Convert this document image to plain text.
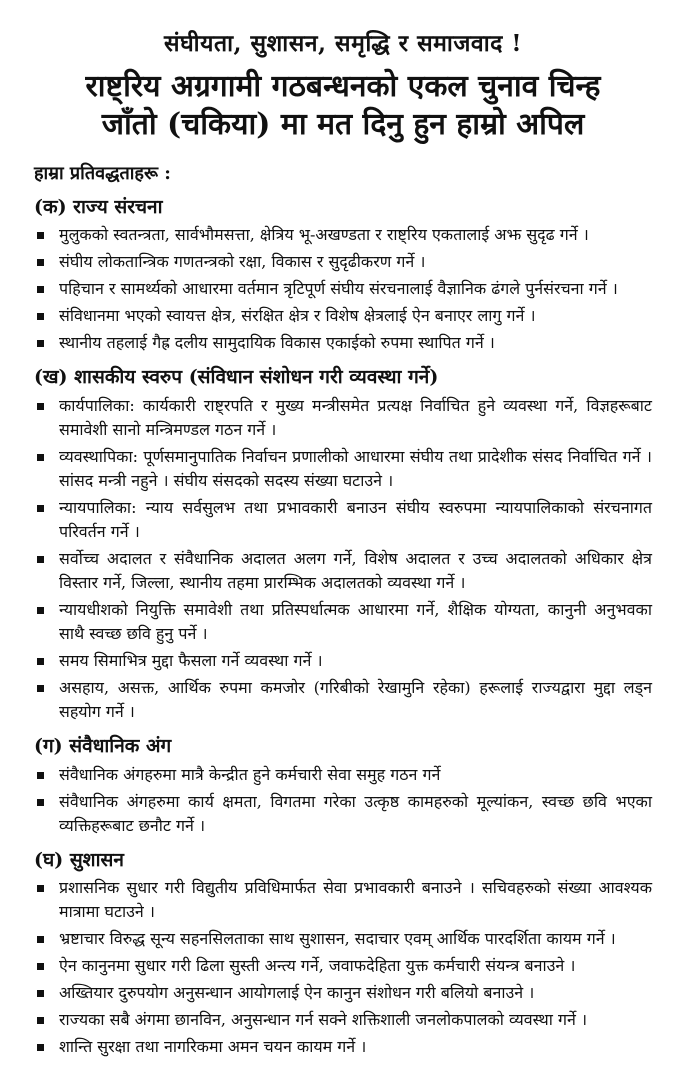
संघीयता, सुशासन, समृद्धि र समाजवाद !
राष्ट्रिय अग्रगामी गठबन्धनको एकल चुनाव चिन्ह
जाँतो (चकिया) मा मत दिनु हुन हाम्रो अपिल
हाम्रा प्रतिवद्धताहरू :
(क) राज्य संरचना
मुलुकको स्वतन्त्रता, सार्वभौमसत्ता, क्षेत्रिय भू-अखण्डता र राष्ट्रिय एकतालाई अझ सुदृढ गर्ने ।
संघीय लोकतान्त्रिक गणतन्त्रको रक्षा, विकास र सुदृढीकरण गर्ने ।
पहिचान र सामर्थ्यको आधारमा वर्तमान त्रृटिपूर्ण संघीय संरचनालाई वैज्ञानिक ढंगले पुर्नसंरचना गर्ने ।
संविधानमा भएको स्वायत्त क्षेत्र, संरक्षित क्षेत्र र विशेष क्षेत्रलाई ऐन बनाएर लागु गर्ने ।
स्थानीय तहलाई गैह्र दलीय सामुदायिक विकास एकाईको रुपमा स्थापित गर्ने ।
(ख) शासकीय स्वरुप (संविधान संशोधन गरी व्यवस्था गर्ने)
कार्यपालिका: कार्यकारी राष्ट्रपति र मुख्य मन्त्रीसमेत प्रत्यक्ष निर्वाचित हुने व्यवस्था गर्ने, विज्ञहरूबाट समावेशी सानो मन्त्रिमण्डल गठन गर्ने ।
व्यवस्थापिका: पूर्णसमानुपातिक निर्वाचन प्रणालीको आधारमा संघीय तथा प्रादेशीक संसद निर्वाचित गर्ने । सांसद मन्त्री नहुने । संघीय संसदको सदस्य संख्या घटाउने ।
न्यायपालिका: न्याय सर्वसुलभ तथा प्रभावकारी बनाउन संघीय स्वरुपमा न्यायपालिकाको संरचनागत परिवर्तन गर्ने ।
सर्वोच्च अदालत र संवैधानिक अदालत अलग गर्ने, विशेष अदालत र उच्च अदालतको अधिकार क्षेत्र विस्तार गर्ने, जिल्ला, स्थानीय तहमा प्रारम्भिक अदालतको व्यवस्था गर्ने ।
न्यायधीशको नियुक्ति समावेशी तथा प्रतिस्पर्धात्मक आधारमा गर्ने, शैक्षिक योग्यता, कानुनी अनुभवका साथै स्वच्छ छवि हुनु पर्ने ।
समय सिमाभित्र मुद्दा फैसला गर्ने व्यवस्था गर्ने ।
असहाय, असक्त, आर्थिक रुपमा कमजोर (गरिबीको रेखामुनि रहेका) हरूलाई राज्यद्वारा मुद्दा लड्न सहयोग गर्ने ।
(ग) संवैधानिक अंग
संवैधानिक अंगहरुमा मात्रै केन्द्रीत हुने कर्मचारी सेवा समुह गठन गर्ने
संवैधानिक अंगहरुमा कार्य क्षमता, विगतमा गरेका उत्कृष्ठ कामहरुको मूल्यांकन, स्वच्छ छवि भएका व्यक्तिहरूबाट छनौट गर्ने ।
(घ) सुशासन
प्रशासनिक सुधार गरी विद्युतीय प्रविधिमार्फत सेवा प्रभावकारी बनाउने । सचिवहरुको संख्या आवश्यक मात्रामा घटाउने ।
भ्रष्टाचार विरुद्ध सून्य सहनसिलताका साथ सुशासन, सदाचार एवम् आर्थिक पारदर्शिता कायम गर्ने ।
ऐन कानुनमा सुधार गरी ढिला सुस्ती अन्त्य गर्ने, जवाफदेहिता युक्त कर्मचारी संयन्त्र बनाउने ।
अख्तियार दुरुपयोग अनुसन्धान आयोगलाई ऐन कानुन संशोधन गरी बलियो बनाउने ।
राज्यका सबै अंगमा छानविन, अनुसन्धान गर्न सक्ने शक्तिशाली जनलोकपालको व्यवस्था गर्ने ।
शान्ति सुरक्षा तथा नागरिकमा अमन चयन कायम गर्ने ।
